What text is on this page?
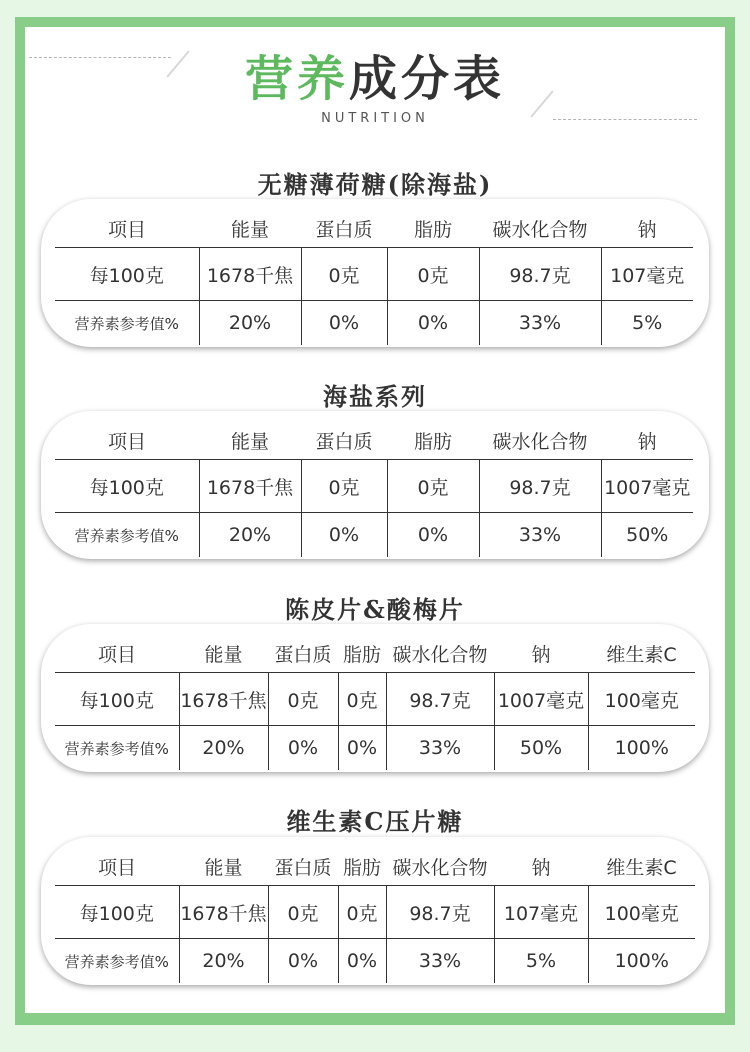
营养成分表
NUTRITION
无糖薄荷糖(除海盐)
项目	能量	蛋白质	脂肪	碳水化合物	钠
每100克	1678千焦	0克	0克	98.7克	107毫克
营养素参考值%	20%	0%	0%	33%	5%
海盐系列
项目	能量	蛋白质	脂肪	碳水化合物	钠
每100克	1678千焦	0克	0克	98.7克	1007毫克
营养素参考值%	20%	0%	0%	33%	50%
陈皮片&酸梅片
项目	能量	蛋白质	脂肪	碳水化合物	钠	维生素C
每100克	1678千焦	0克	0克	98.7克	1007毫克	100毫克
营养素参考值%	20%	0%	0%	33%	50%	100%
维生素C压片糖
项目	能量	蛋白质	脂肪	碳水化合物	钠	维生素C
每100克	1678千焦	0克	0克	98.7克	107毫克	100毫克
营养素参考值%	20%	0%	0%	33%	5%	100%
